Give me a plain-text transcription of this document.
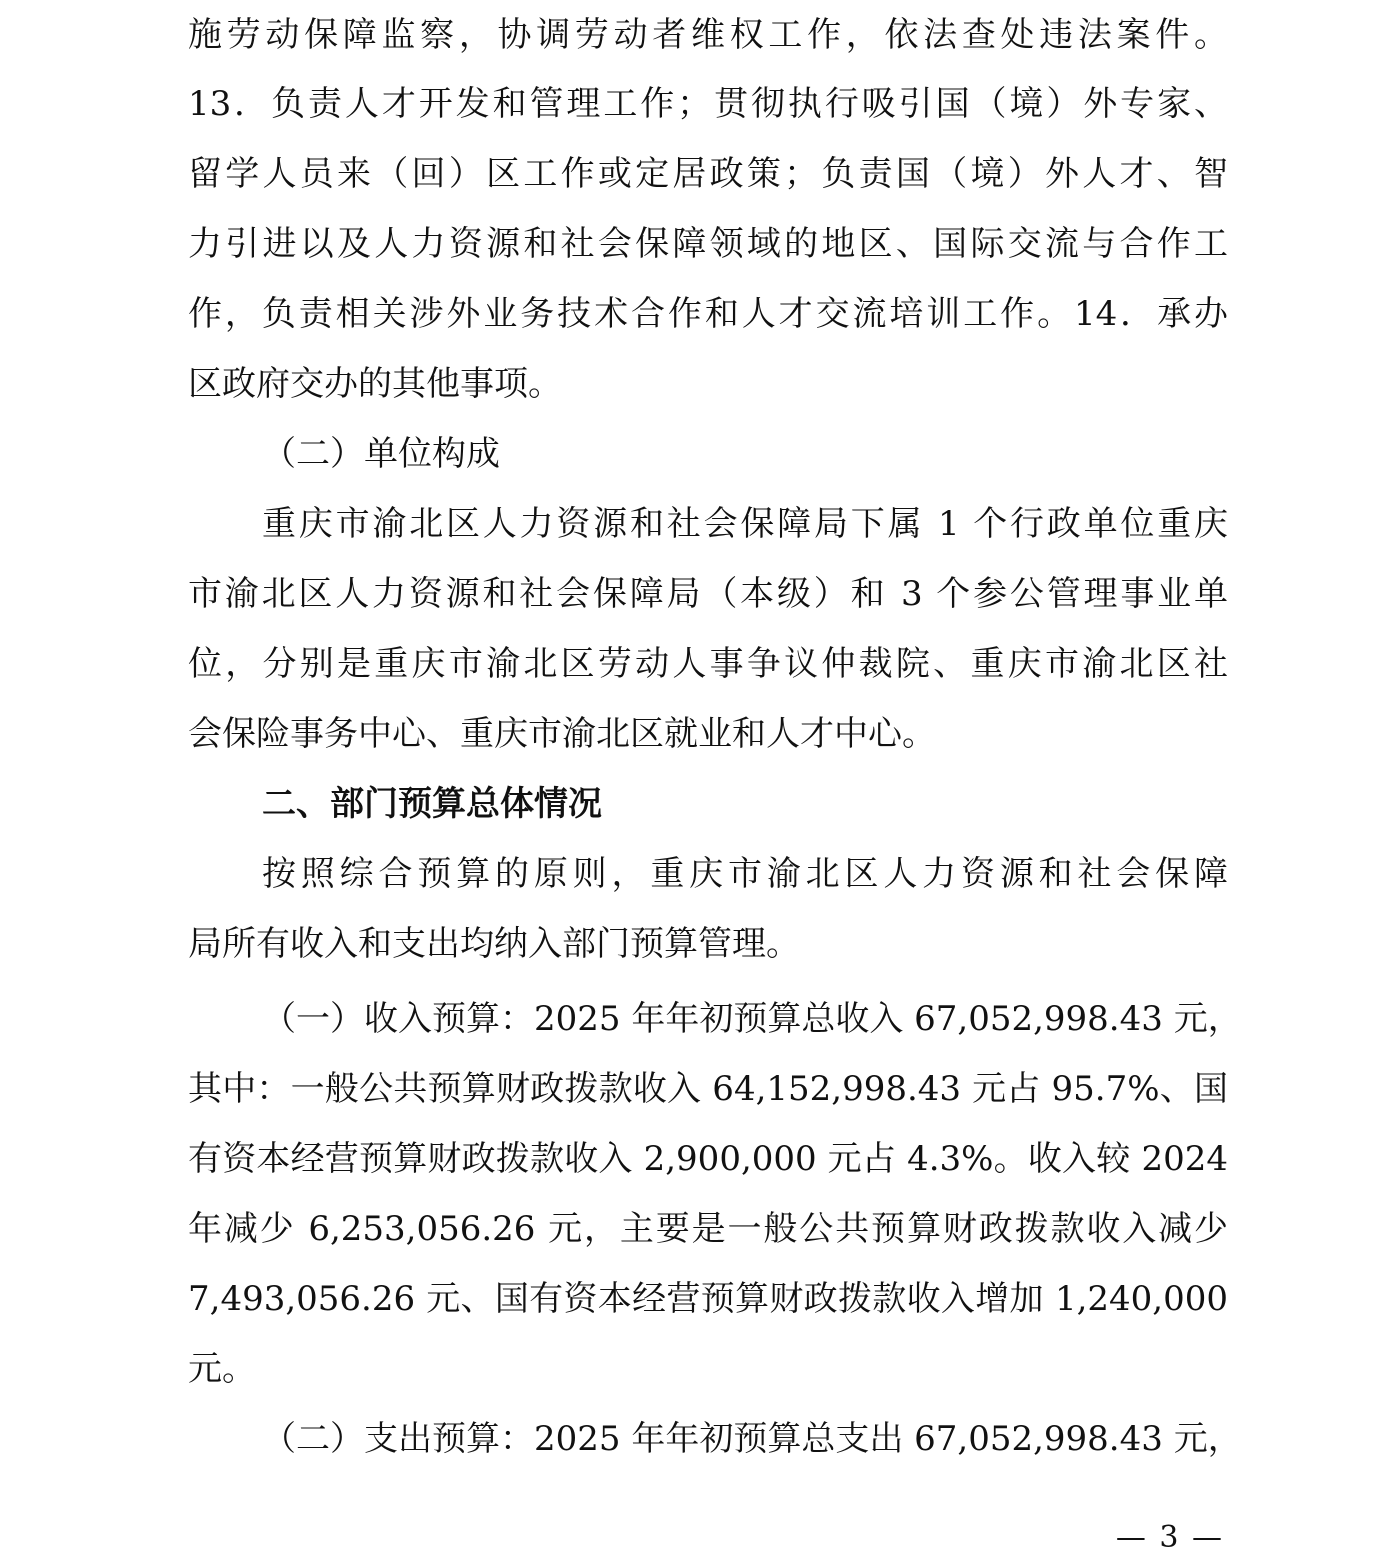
施劳动保障监察，协调劳动者维权工作，依法查处违法案件。
13．负责人才开发和管理工作；贯彻执行吸引国（境）外专家、
留学人员来（回）区工作或定居政策；负责国（境）外人才、智
力引进以及人力资源和社会保障领域的地区、国际交流与合作工
作，负责相关涉外业务技术合作和人才交流培训工作。14．承办
区政府交办的其他事项。
（二）单位构成
重庆市渝北区人力资源和社会保障局下属 1 个行政单位重庆
市渝北区人力资源和社会保障局（本级）和 3 个参公管理事业单
位，分别是重庆市渝北区劳动人事争议仲裁院、重庆市渝北区社
会保险事务中心、重庆市渝北区就业和人才中心。
二、部门预算总体情况
按照综合预算的原则，重庆市渝北区人力资源和社会保障
局所有收入和支出均纳入部门预算管理。
（一）收入预算：2025 年年初预算总收入 67,052,998.43 元，
其中：一般公共预算财政拨款收入 64,152,998.43 元占 95.7%、国
有资本经营预算财政拨款收入 2,900,000 元占 4.3%。收入较 2024
年减少 6,253,056.26 元，主要是一般公共预算财政拨款收入减少
7,493,056.26 元、国有资本经营预算财政拨款收入增加 1,240,000
元。
（二）支出预算：2025 年年初预算总支出 67,052,998.43 元，
— 3 —
